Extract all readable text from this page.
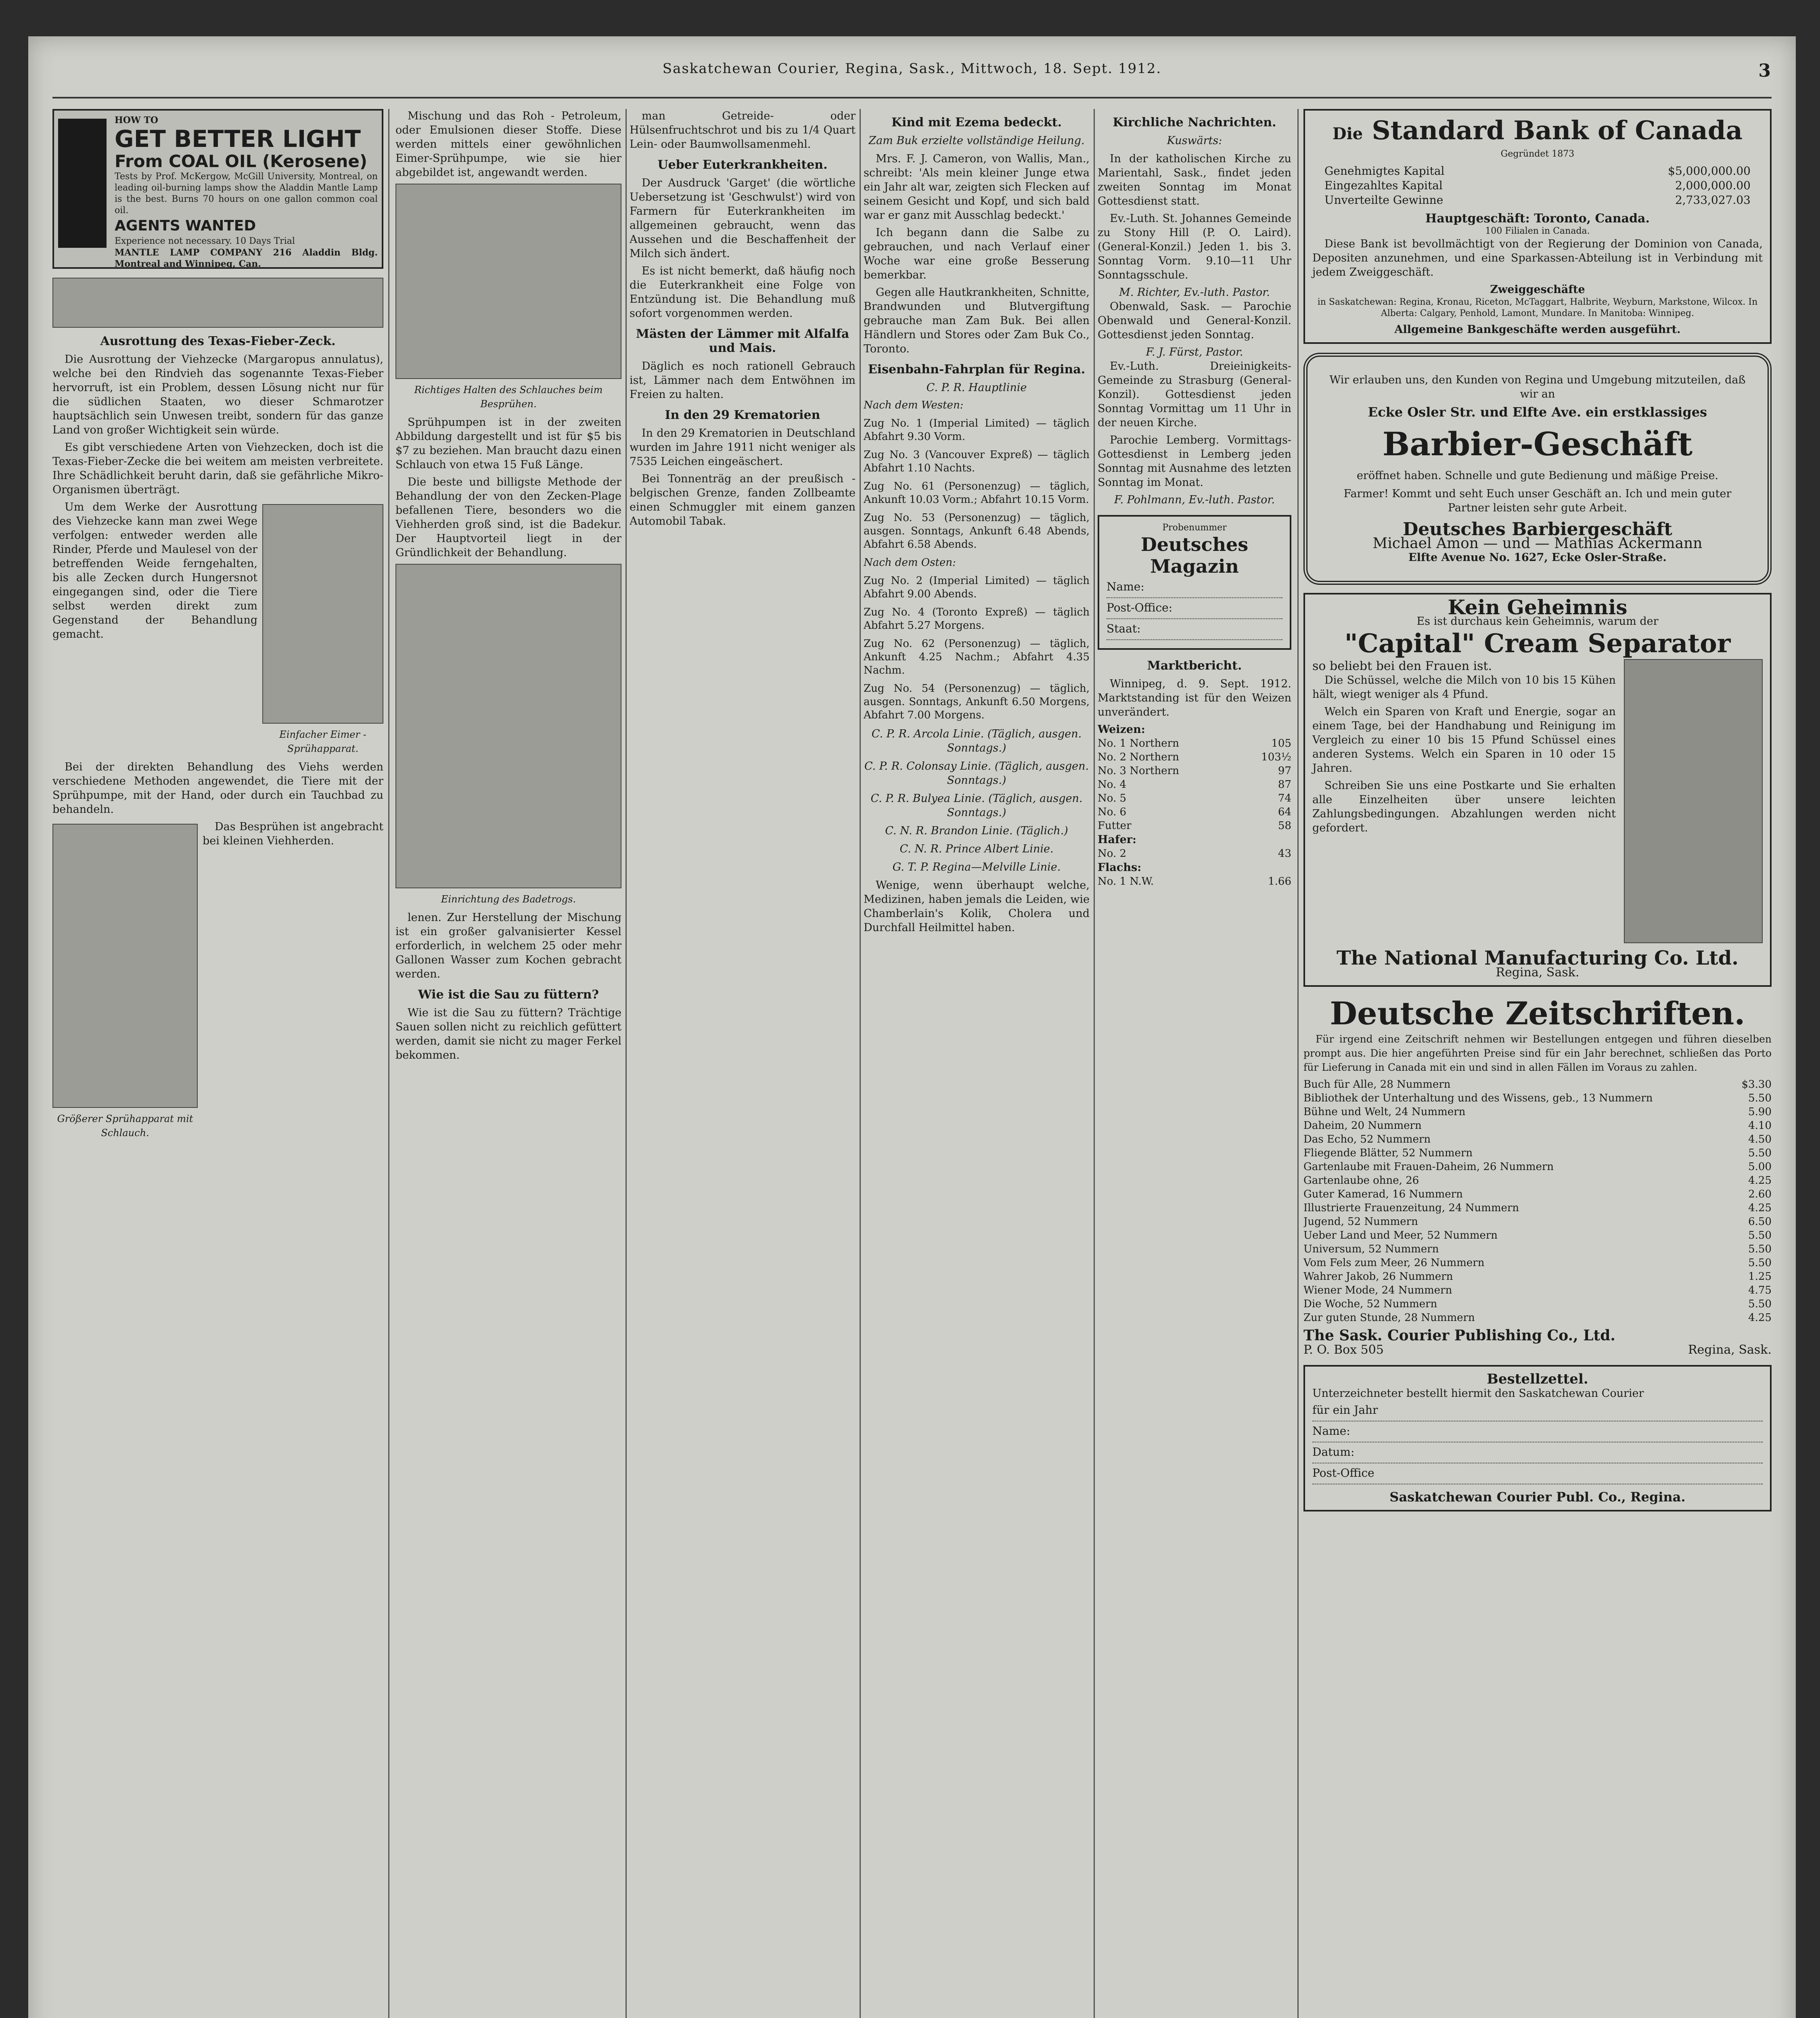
Saskatchewan Courier, Regina, Sask., Mittwoch, 18. Sept. 1912.	3
HOW TO
GET BETTER LIGHT
From COAL OIL (Kerosene)
Tests by Prof. McKergow, McGill University, Montreal, on leading oil-burning lamps show the Aladdin Mantle Lamp is the best. Burns 70 hours on one gallon common coal oil.
AGENTS WANTED
Experience not necessary. 10 Days Trial
MANTLE LAMP COMPANY 216 Aladdin Bldg. Montreal and Winnipeg, Can.
Ausrottung des Texas-Fieber-Zeck.

Die Ausrottung der Viehzecke (Margaropus annulatus), welche bei den Rindvieh das sogenannte Texas-Fieber hervorruft, ist ein Problem, dessen Lösung nicht nur für die südlichen Staaten, wo dieser Schmarotzer hauptsächlich sein Unwesen treibt, sondern für das ganze Land von großer Wichtigkeit sein würde.

Es gibt verschiedene Arten von Viehzecken, doch ist die Texas-Fieber-Zecke die bei weitem am meisten verbreitete. Ihre Schädlichkeit beruht darin, daß sie gefährliche Mikro-Organismen überträgt.

Um dem Werke der Ausrottung des Viehzecke kann man zwei Wege verfolgen: entweder werden alle Rinder, Pferde und Maulesel von der betreffenden Weide ferngehalten, bis alle Zecken durch Hungersnot eingegangen sind, oder die Tiere selbst werden direkt zum Gegenstand der Behandlung gemacht.

Einfacher Eimer - Sprühapparat.

Bei der direkten Behandlung des Viehs werden verschiedene Methoden angewendet, die Tiere mit der Sprühpumpe, mit der Hand, oder durch ein Tauchbad zu behandeln.

Größerer Sprühapparat mit Schlauch.

Das Besprühen ist angebracht bei kleinen Viehherden.

Mischung und das Roh - Petroleum, oder Emulsionen dieser Stoffe. Diese werden mittels einer gewöhnlichen Eimer-Sprühpumpe, wie sie hier abgebildet ist, angewandt werden.

Richtiges Halten des Schlauches beim Besprühen.

Sprühpumpen ist in der zweiten Abbildung dargestellt und ist für $5 bis $7 zu beziehen. Man braucht dazu einen Schlauch von etwa 15 Fuß Länge.

Die beste und billigste Methode der Behandlung der von den Zecken-Plage befallenen Tiere, besonders wo die Viehherden groß sind, ist die Badekur. Der Hauptvorteil liegt in der Gründlichkeit der Behandlung.

Einrichtung des Badetrogs.

lenen. Zur Herstellung der Mischung ist ein großer galvanisierter Kessel erforderlich, in welchem 25 oder mehr Gallonen Wasser zum Kochen gebracht werden.

Wie ist die Sau zu füttern?

Wie ist die Sau zu füttern? Trächtige Sauen sollen nicht zu reichlich gefüttert werden, damit sie nicht zu mager Ferkel bekommen.

man Getreide- oder Hülsenfruchtschrot und bis zu 1/4 Quart Lein- oder Baumwollsamenmehl.

Ueber Euterkrankheiten.

Der Ausdruck 'Garget' (die wörtliche Uebersetzung ist 'Geschwulst') wird von Farmern für Euterkrankheiten im allgemeinen gebraucht, wenn das Aussehen und die Beschaffenheit der Milch sich ändert.

Es ist nicht bemerkt, daß häufig noch die Euterkrankheit eine Folge von Entzündung ist. Die Behandlung muß sofort vorgenommen werden.

Mästen der Lämmer mit Alfalfa und Mais.

Däglich es noch rationell Gebrauch ist, Lämmer nach dem Entwöhnen im Freien zu halten.

In den 29 Krematorien

In den 29 Krematorien in Deutschland wurden im Jahre 1911 nicht weniger als 7535 Leichen eingeäschert.

Bei Tonnenträg an der preußisch - belgischen Grenze, fanden Zollbeamte einen Schmuggler mit einem ganzen Automobil Tabak.

Kind mit Ezema bedeckt.
Zam Buk erzielte vollständige Heilung.

Mrs. F. J. Cameron, von Wallis, Man., schreibt: 'Als mein kleiner Junge etwa ein Jahr alt war, zeigten sich Flecken auf seinem Gesicht und Kopf, und sich bald war er ganz mit Ausschlag bedeckt.'

Ich begann dann die Salbe zu gebrauchen, und nach Verlauf einer Woche war eine große Besserung bemerkbar.

Gegen alle Hautkrankheiten, Schnitte, Brandwunden und Blutvergiftung gebrauche man Zam Buk. Bei allen Händlern und Stores oder Zam Buk Co., Toronto.

Eisenbahn-Fahrplan für Regina.
C. P. R. Hauptlinie
Nach dem Westen:
Zug No. 1 (Imperial Limited) — täglich Abfahrt 9.30 Vorm.
Zug No. 3 (Vancouver Expreß) — täglich Abfahrt 1.10 Nachts.
Zug No. 61 (Personenzug) — täglich, Ankunft 10.03 Vorm.; Abfahrt 10.15 Vorm.
Zug No. 53 (Personenzug) — täglich, ausgen. Sonntags, Ankunft 6.48 Abends, Abfahrt 6.58 Abends.
Nach dem Osten:
Zug No. 2 (Imperial Limited) — täglich Abfahrt 9.00 Abends.
Zug No. 4 (Toronto Expreß) — täglich Abfahrt 5.27 Morgens.
Zug No. 62 (Personenzug) — täglich, Ankunft 4.25 Nachm.; Abfahrt 4.35 Nachm.
Zug No. 54 (Personenzug) — täglich, ausgen. Sonntags, Ankunft 6.50 Morgens, Abfahrt 7.00 Morgens.
C. P. R. Arcola Linie. (Täglich, ausgen. Sonntags.)
C. P. R. Colonsay Linie. (Täglich, ausgen. Sonntags.)
C. P. R. Bulyea Linie. (Täglich, ausgen. Sonntags.)
C. N. R. Brandon Linie. (Täglich.)
C. N. R. Prince Albert Linie.
G. T. P. Regina—Melville Linie.

Wenige, wenn überhaupt welche, Medizinen, haben jemals die Leiden, wie Chamberlain's Kolik, Cholera und Durchfall Heilmittel haben.

Kirchliche Nachrichten.
Kuswärts:

In der katholischen Kirche zu Marientahl, Sask., findet jeden zweiten Sonntag im Monat Gottesdienst statt.

Ev.-Luth. St. Johannes Gemeinde zu Stony Hill (P. O. Laird). (General-Konzil.) Jeden 1. bis 3. Sonntag Vorm. 9.10—11 Uhr Sonntagsschule.

M. Richter, Ev.-luth. Pastor.

Obenwald, Sask. — Parochie Obenwald und General-Konzil. Gottesdienst jeden Sonntag.

F. J. Fürst, Pastor.

Ev.-Luth. Dreieinigkeits-Gemeinde zu Strasburg (General-Konzil). Gottesdienst jeden Sonntag Vormittag um 11 Uhr in der neuen Kirche.

Parochie Lemberg. Vormittags-Gottesdienst in Lemberg jeden Sonntag mit Ausnahme des letzten Sonntag im Monat.

F. Pohlmann, Ev.-luth. Pastor.
Probenummer
Deutsches Magazin
Name:
Post-Office:
Staat:
Marktbericht.

Winnipeg, d. 9. Sept. 1912. Marktstanding ist für den Weizen unverändert.

Weizen:
No. 1 Northern	105
No. 2 Northern	103½
No. 3 Northern	97
No. 4	87
No. 5	74
No. 6	64
Futter	58
Hafer:
No. 2	43
Flachs:
No. 1 N.W.	1.66
Die Standard Bank of Canada
Gegründet 1873
Genehmigtes Kapital	$5,000,000.00
Eingezahltes Kapital	2,000,000.00
Unverteilte Gewinne	2,733,027.03
Hauptgeschäft: Toronto, Canada.
100 Filialen in Canada.

Diese Bank ist bevollmächtigt von der Regierung der Dominion von Canada, Depositen anzunehmen, und eine Sparkassen-Abteilung ist in Verbindung mit jedem Zweiggeschäft.

Zweiggeschäfte
in Saskatchewan: Regina, Kronau, Riceton, McTaggart, Halbrite, Weyburn, Markstone, Wilcox. In Alberta: Calgary, Penhold, Lamont, Mundare. In Manitoba: Winnipeg.
Allgemeine Bankgeschäfte werden ausgeführt.
Wir erlauben uns, den Kunden von Regina und Umgebung mitzuteilen, daß wir an
Ecke Osler Str. und Elfte Ave. ein erstklassiges
Barbier-Geschäft
eröffnet haben. Schnelle und gute Bedienung und mäßige Preise.
Farmer! Kommt und seht Euch unser Geschäft an. Ich und mein guter Partner leisten sehr gute Arbeit.
Deutsches Barbiergeschäft
Michael Amon — und — Mathias Ackermann
Elfte Avenue No. 1627, Ecke Osler-Straße.
Kein Geheimnis
Es ist durchaus kein Geheimnis, warum der
"Capital" Cream Separator
so beliebt bei den Frauen ist.

Die Schüssel, welche die Milch von 10 bis 15 Kühen hält, wiegt weniger als 4 Pfund.

Welch ein Sparen von Kraft und Energie, sogar an einem Tage, bei der Handhabung und Reinigung im Vergleich zu einer 10 bis 15 Pfund Schüssel eines anderen Systems. Welch ein Sparen in 10 oder 15 Jahren.

Schreiben Sie uns eine Postkarte und Sie erhalten alle Einzelheiten über unsere leichten Zahlungsbedingungen. Abzahlungen werden nicht gefordert.

The National Manufacturing Co. Ltd.
Regina, Sask.
Deutsche Zeitschriften.

Für irgend eine Zeitschrift nehmen wir Bestellungen entgegen und führen dieselben prompt aus. Die hier angeführten Preise sind für ein Jahr berechnet, schließen das Porto für Lieferung in Canada mit ein und sind in allen Fällen im Voraus zu zahlen.

Buch für Alle, 28 Nummern	$3.30
Bibliothek der Unterhaltung und des Wissens, geb., 13 Nummern	5.50
Bühne und Welt, 24 Nummern	5.90
Daheim, 20 Nummern	4.10
Das Echo, 52 Nummern	4.50
Fliegende Blätter, 52 Nummern	5.50
Gartenlaube mit Frauen-Daheim, 26 Nummern	5.00
Gartenlaube ohne, 26	4.25
Guter Kamerad, 16 Nummern	2.60
Illustrierte Frauenzeitung, 24 Nummern	4.25
Jugend, 52 Nummern	6.50
Ueber Land und Meer, 52 Nummern	5.50
Universum, 52 Nummern	5.50
Vom Fels zum Meer, 26 Nummern	5.50
Wahrer Jakob, 26 Nummern	1.25
Wiener Mode, 24 Nummern	4.75
Die Woche, 52 Nummern	5.50
Zur guten Stunde, 28 Nummern	4.25
The Sask. Courier Publishing Co., Ltd.
P. O. Box 505	Regina, Sask.
Bestellzettel.
Unterzeichneter bestellt hiermit den Saskatchewan Courier
für ein Jahr
Name:
Datum:
Post-Office
Saskatchewan Courier Publ. Co., Regina.
